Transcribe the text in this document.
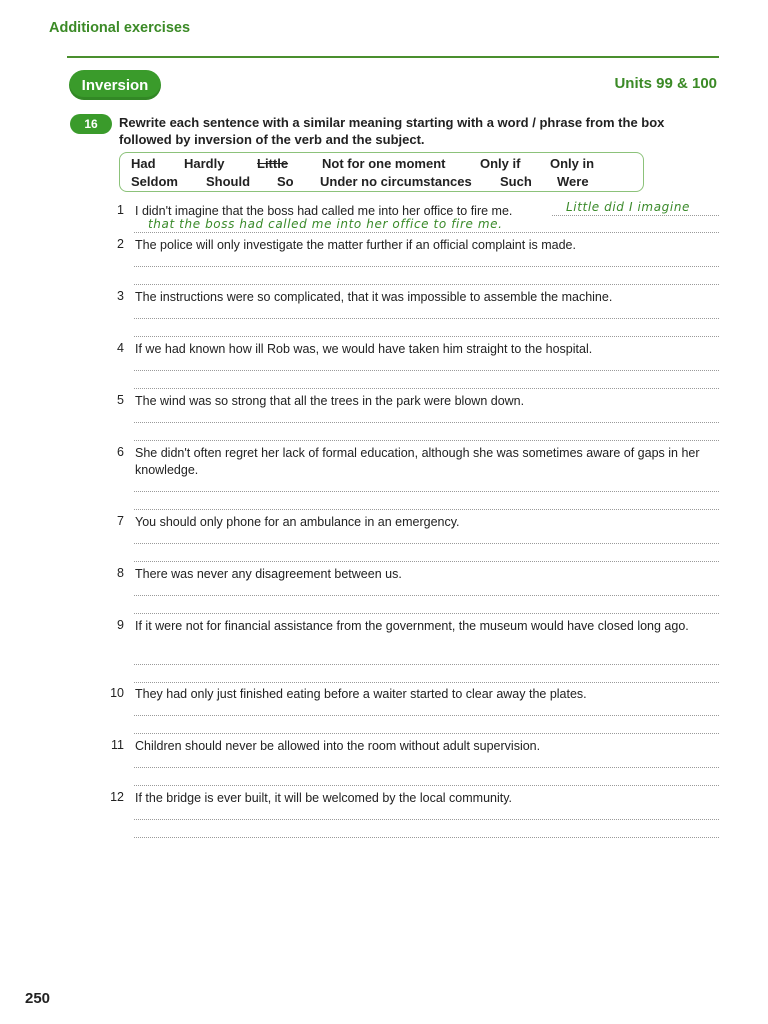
Additional exercises
Inversion	Units 99 & 100
16	Rewrite each sentence with a similar meaning starting with a word / phrase from the box followed by inversion of the verb and the subject.
Had Hardly	Little	Not for one moment	Only if Only in
Seldom Should So Under no circumstances Such Were
1 I didn't imagine that the boss had called me into her office to fire me.	Little did I imagine
that the boss had called me into her office to fire me.
2 The police will only investigate the matter further if an official complaint is made.
3 The instructions were so complicated, that it was impossible to assemble the machine.
4 If we had known how ill Rob was, we would have taken him straight to the hospital.
5 The wind was so strong that all the trees in the park were blown down.
6 She didn't often regret her lack of formal education, although she was sometimes aware of gaps in her knowledge.
7 You should only phone for an ambulance in an emergency.
8 There was never any disagreement between us.
9 If it were not for financial assistance from the government, the museum would have closed long ago.
10 They had only just finished eating before a waiter started to clear away the plates.
11 Children should never be allowed into the room without adult supervision.
12 If the bridge is ever built, it will be welcomed by the local community.
250
